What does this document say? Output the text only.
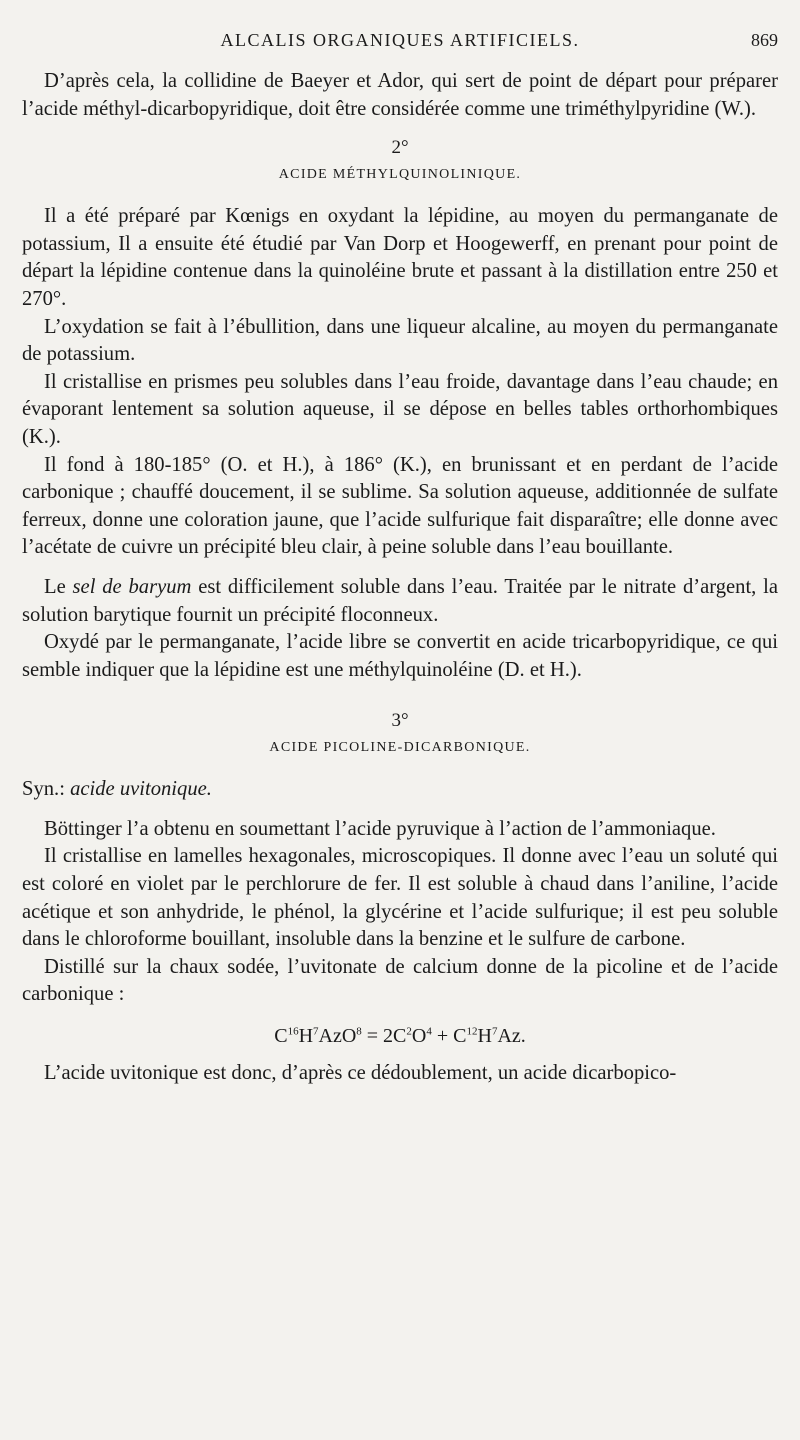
ALCALIS ORGANIQUES ARTIFICIELS.	869

D’après cela, la collidine de Baeyer et Ador, qui sert de point de départ pour préparer l’acide méthyl-dicarbopyridique, doit être considérée comme une triméthylpyridine (W.).

2°
ACIDE MÉTHYLQUINOLINIQUE.

Il a été préparé par Kœnigs en oxydant la lépidine, au moyen du permanganate de potassium, Il a ensuite été étudié par Van Dorp et Hoogewerff, en prenant pour point de départ la lépidine contenue dans la quinoléine brute et passant à la distillation entre 250 et 270°.

L’oxydation se fait à l’ébullition, dans une liqueur alcaline, au moyen du permanganate de potassium.

Il cristallise en prismes peu solubles dans l’eau froide, davantage dans l’eau chaude; en évaporant lentement sa solution aqueuse, il se dépose en belles tables orthorhombiques (K.).

Il fond à 180-185° (O. et H.), à 186° (K.), en brunissant et en perdant de l’acide carbonique ; chauffé doucement, il se sublime. Sa solution aqueuse, additionnée de sulfate ferreux, donne une coloration jaune, que l’acide sulfurique fait disparaître; elle donne avec l’acétate de cuivre un précipité bleu clair, à peine soluble dans l’eau bouillante.

Le sel de baryum est difficilement soluble dans l’eau. Traitée par le nitrate d’argent, la solution barytique fournit un précipité floconneux.

Oxydé par le permanganate, l’acide libre se convertit en acide tricarbopyridique, ce qui semble indiquer que la lépidine est une méthylquinoléine (D. et H.).

3°
ACIDE PICOLINE-DICARBONIQUE.

Syn.: acide uvitonique.

Böttinger l’a obtenu en soumettant l’acide pyruvique à l’action de l’ammoniaque.

Il cristallise en lamelles hexagonales, microscopiques. Il donne avec l’eau un soluté qui est coloré en violet par le perchlorure de fer. Il est soluble à chaud dans l’aniline, l’acide acétique et son anhydride, le phénol, la glycérine et l’acide sulfurique; il est peu soluble dans le chloroforme bouillant, insoluble dans la benzine et le sulfure de carbone.

Distillé sur la chaux sodée, l’uvitonate de calcium donne de la picoline et de l’acide carbonique :

$C^{16}H^7AzO^8 = 2C^2O^4 + C^{12}H^7Az$.

L’acide uvitonique est donc, d’après ce dédoublement, un acide dicarbopico-
